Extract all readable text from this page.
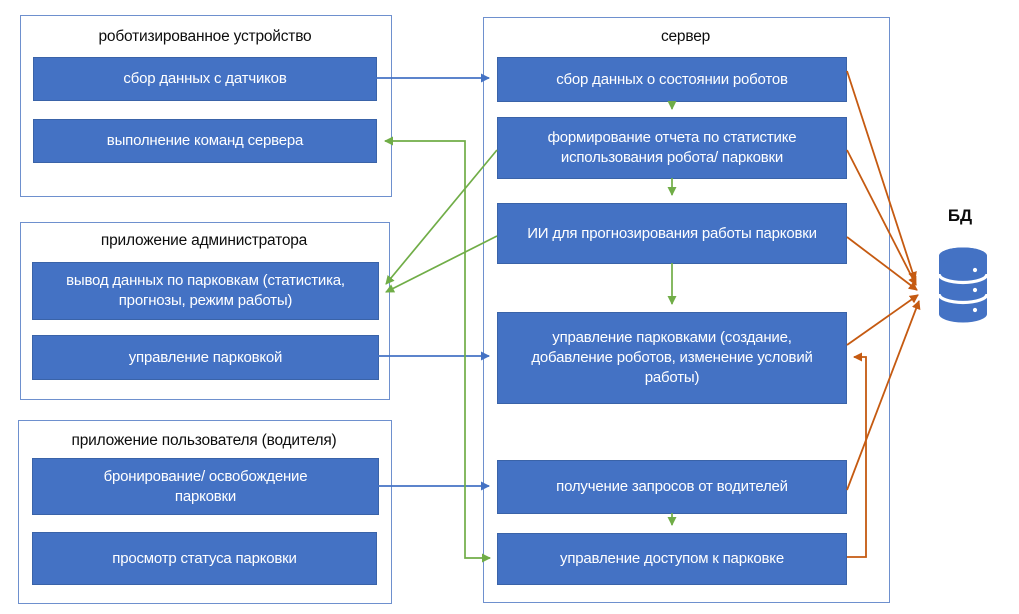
роботизированное устройство
приложение администратора
приложение пользователя (водителя)
сервер
сбор данных с датчиков
выполнение команд сервера
вывод данных по парковкам (статистика, прогнозы, режим работы)
управление парковкой
бронирование/ освобождение парковки
просмотр статуса парковки
сбор данных о состоянии роботов
формирование отчета по статистике использования робота/ парковки
ИИ для прогнозирования работы парковки
управление парковками (создание, добавление роботов, изменение условий работы)
получение запросов от водителей
управление доступом к парковке
БД
